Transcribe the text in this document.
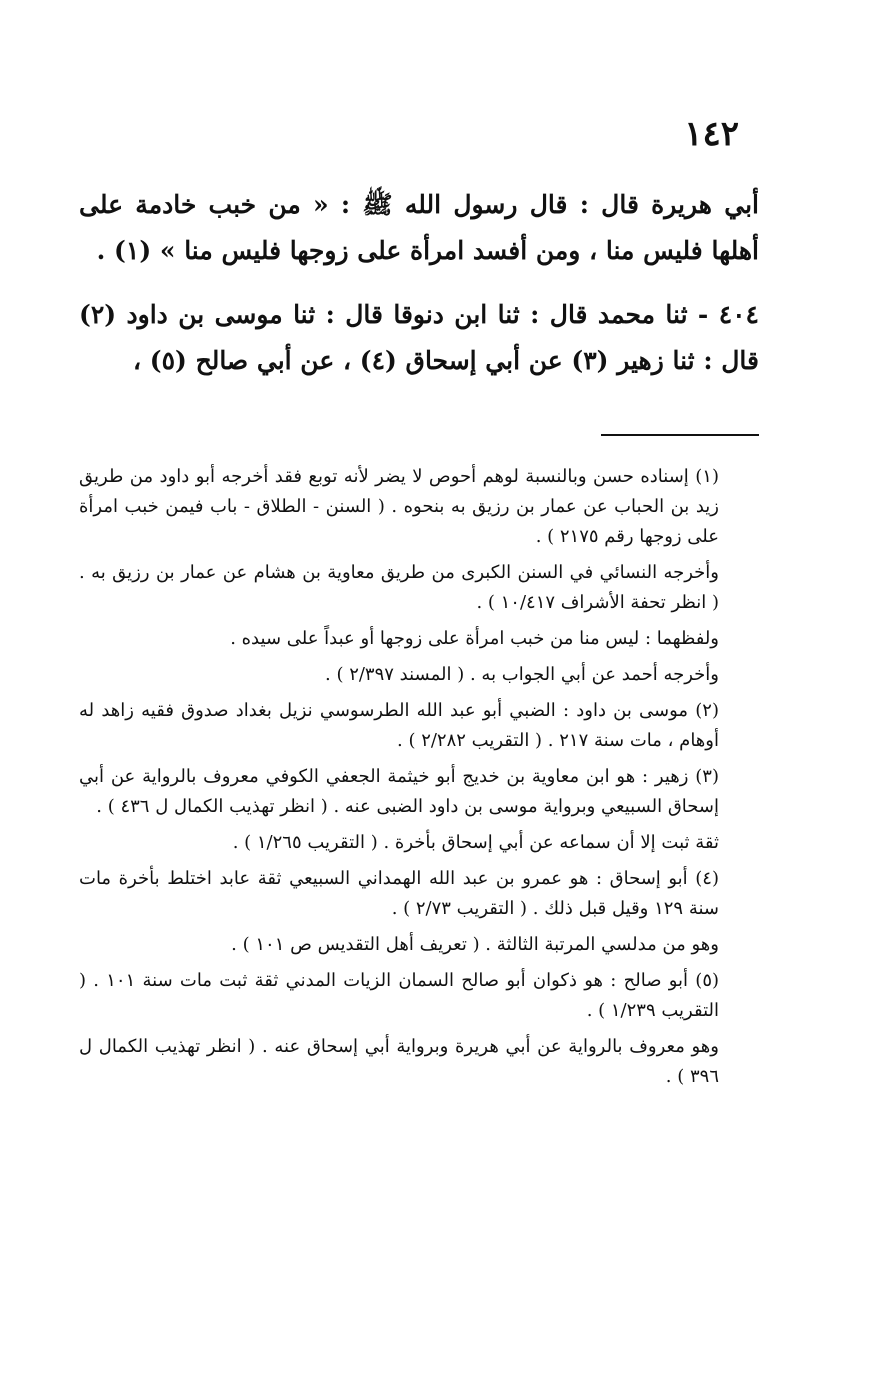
١٤٢

أبي هريرة قال : قال رسول الله ﷺ : « من خبب خادمة على أهلها فليس منا ، ومن أفسد امرأة على زوجها فليس منا » (١) .

٤٠٤ - ثنا محمد قال : ثنا ابن دنوقا قال : ثنا موسى بن داود (٢) قال : ثنا زهير (٣) عن أبي إسحاق (٤) ، عن أبي صالح (٥) ،

(١) إسناده حسن وبالنسبة لوهم أحوص لا يضر لأنه توبع فقد أخرجه أبو داود من طريق زيد بن الحباب عن عمار بن رزيق به بنحوه . ( السنن - الطلاق - باب فيمن خبب امرأة على زوجها رقم ٢١٧٥ ) .

وأخرجه النسائي في السنن الكبرى من طريق معاوية بن هشام عن عمار بن رزيق به . ( انظر تحفة الأشراف ١٠/٤١٧ ) .

ولفظهما : ليس منا من خبب امرأة على زوجها أو عبداً على سيده .

وأخرجه أحمد عن أبي الجواب به . ( المسند ٢/٣٩٧ ) .

(٢) موسى بن داود : الضبي أبو عبد الله الطرسوسي نزيل بغداد صدوق فقيه زاهد له أوهام ، مات سنة ٢١٧ . ( التقريب ٢/٢٨٢ ) .

(٣) زهير : هو ابن معاوية بن خديج أبو خيثمة الجعفي الكوفي معروف بالرواية عن أبي إسحاق السبيعي وبرواية موسى بن داود الضبى عنه . ( انظر تهذيب الكمال ل ٤٣٦ ) .

ثقة ثبت إلا أن سماعه عن أبي إسحاق بأخرة . ( التقريب ١/٢٦٥ ) .

(٤) أبو إسحاق : هو عمرو بن عبد الله الهمداني السبيعي ثقة عابد اختلط بأخرة مات سنة ١٢٩ وقيل قبل ذلك . ( التقريب ٢/٧٣ ) .

وهو من مدلسي المرتبة الثالثة . ( تعريف أهل التقديس ص ١٠١ ) .

(٥) أبو صالح : هو ذكوان أبو صالح السمان الزيات المدني ثقة ثبت مات سنة ١٠١ . ( التقريب ١/٢٣٩ ) .

وهو معروف بالرواية عن أبي هريرة وبرواية أبي إسحاق عنه . ( انظر تهذيب الكمال ل ٣٩٦ ) .
